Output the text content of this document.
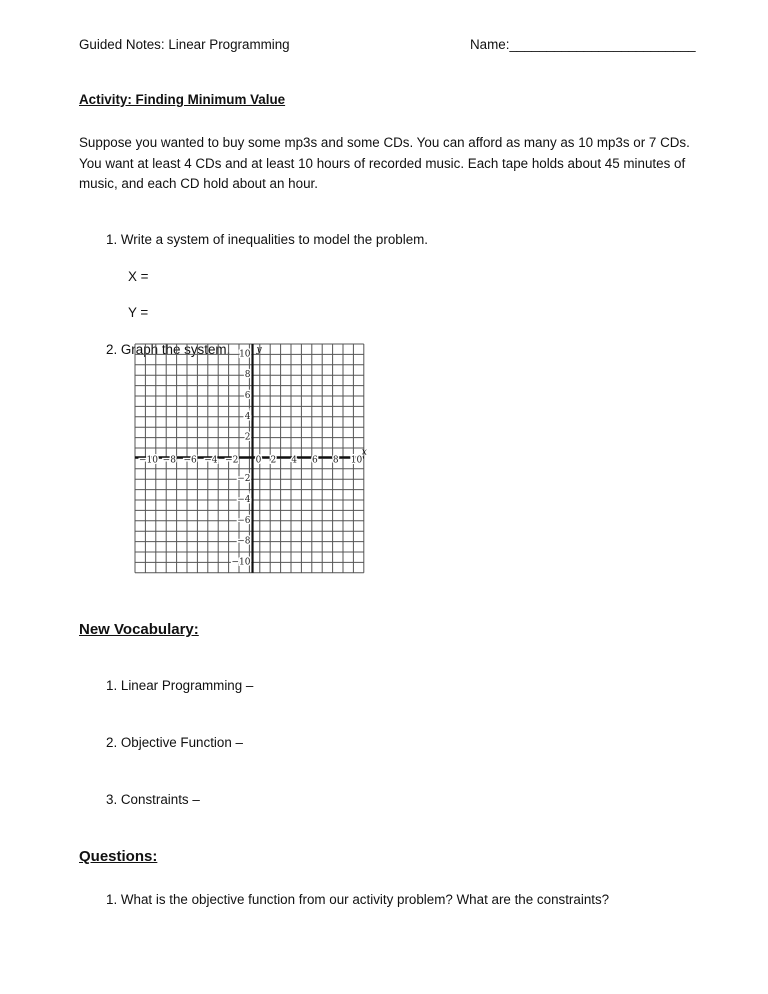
Guided Notes: Linear Programming	Name:_________________________
Activity: Finding Minimum Value

Suppose you wanted to buy some mp3s and some CDs. You can afford as many as 10 mp3s or 7 CDs. You want at least 4 CDs and at least 10 hours of recorded music. Each tape holds about 45 minutes of music, and each CD hold about an hour.

1. Write a system of inequalities to model the problem.
X =
Y =
2. Graph the system.
−10 −8 −6 −4 −2 0 2 4 6 8 10
10
8
6
4
2
−2
−4
−6
−8
−10
x
y
New Vocabulary:
1. Linear Programming –
2. Objective Function –
3. Constraints –
Questions:
1. What is the objective function from our activity problem? What are the constraints?
